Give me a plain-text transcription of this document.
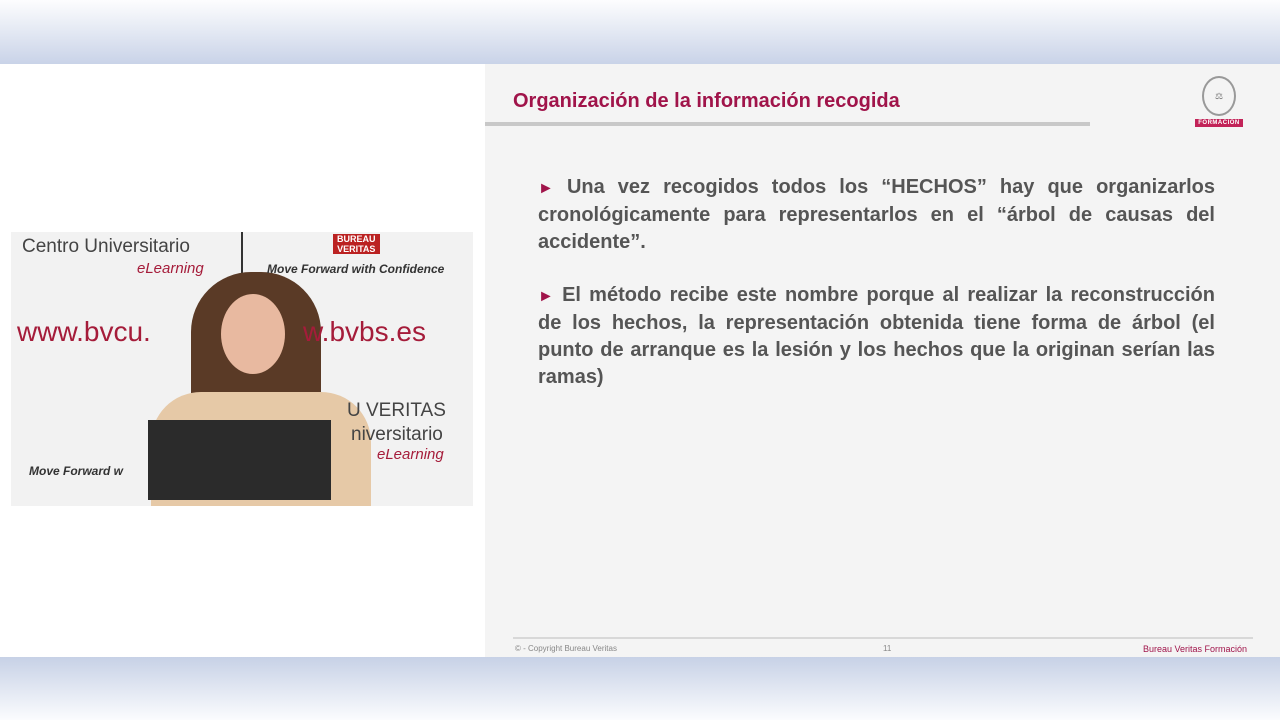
Centro Universitario
eLearning
BUREAU
VERITAS
Move Forward with Confidence
www.bvcu.	w.bvbs.es
U VERITAS
niversitario
eLearning
Move Forward w
Organización de la información recogida	⚖
FORMACIÓN

► Una vez recogidos todos los “HECHOS” hay que organizarlos cronológicamente para representarlos en el “árbol de causas del accidente”.

► El método recibe este nombre porque al realizar la reconstrucción de los hechos, la representación obtenida tiene forma de árbol (el punto de arranque es la lesión y los hechos que la originan serían las ramas)

© - Copyright Bureau Veritas	11	Bureau Veritas Formación
